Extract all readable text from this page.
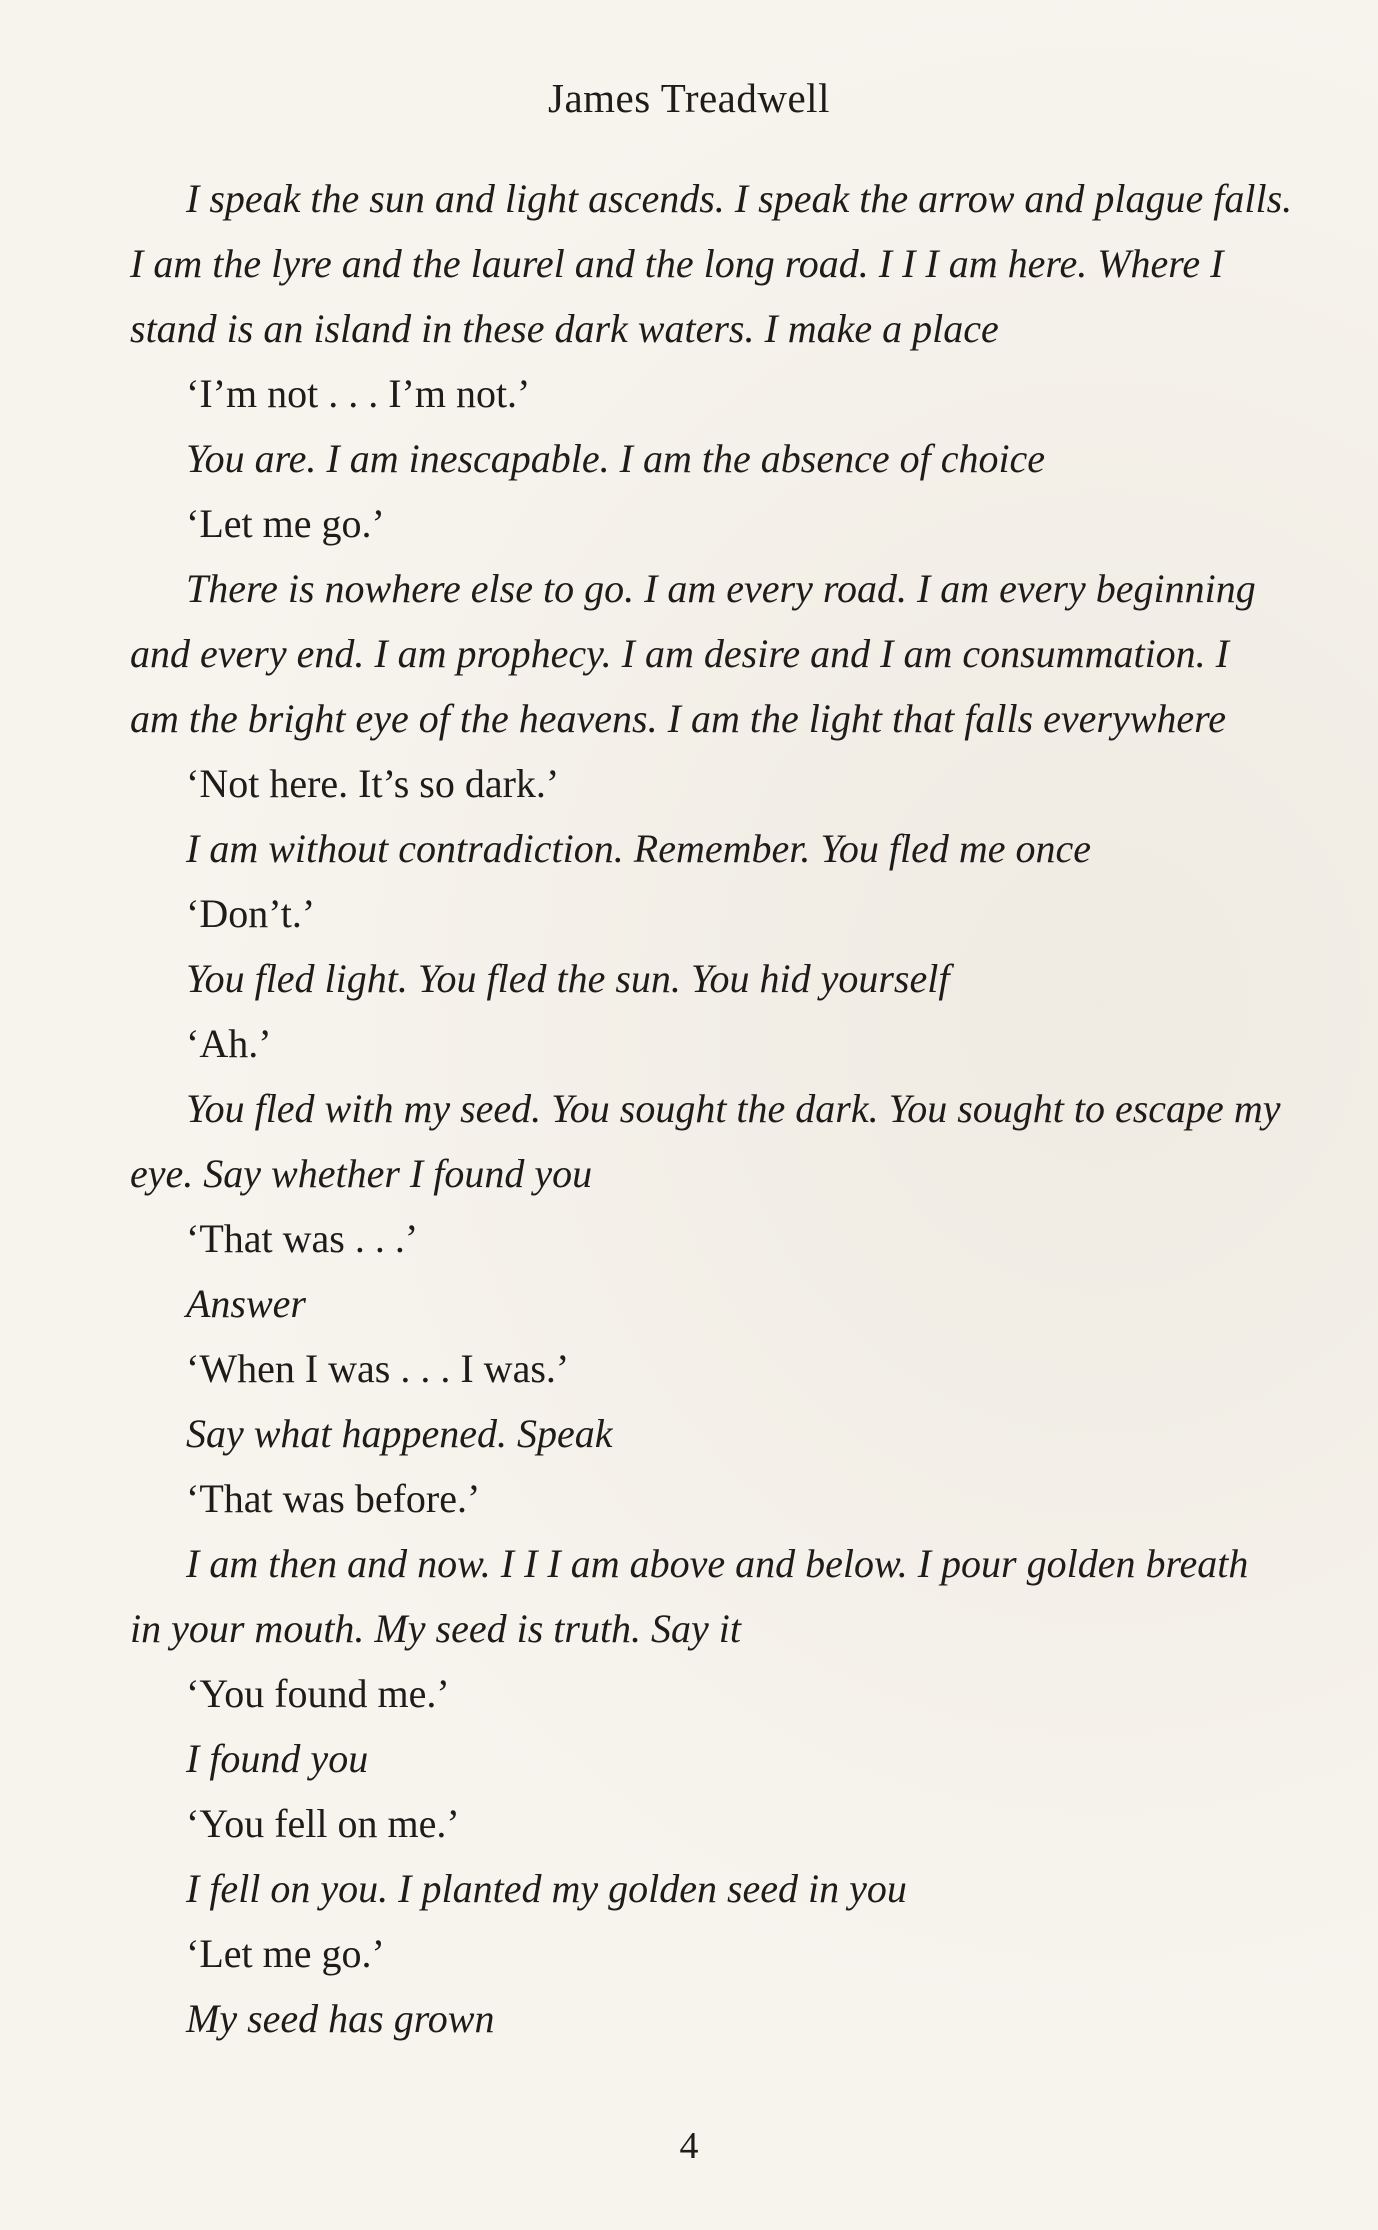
James Treadwell

I speak the sun and light ascends. I speak the arrow and plague falls.
I am the lyre and the laurel and the long road. I I I am here. Where I
stand is an island in these dark waters. I make a place

‘I’m not . . . I’m not.’

You are. I am inescapable. I am the absence of choice

‘Let me go.’

There is nowhere else to go. I am every road. I am every beginning
and every end. I am prophecy. I am desire and I am consummation. I
am the bright eye of the heavens. I am the light that falls everywhere

‘Not here. It’s so dark.’

I am without contradiction. Remember. You fled me once

‘Don’t.’

You fled light. You fled the sun. You hid yourself

‘Ah.’

You fled with my seed. You sought the dark. You sought to escape my
eye. Say whether I found you

‘That was . . .’

Answer

‘When I was . . . I was.’

Say what happened. Speak

‘That was before.’

I am then and now. I I I am above and below. I pour golden breath
in your mouth. My seed is truth. Say it

‘You found me.’

I found you

‘You fell on me.’

I fell on you. I planted my golden seed in you

‘Let me go.’

My seed has grown

4
